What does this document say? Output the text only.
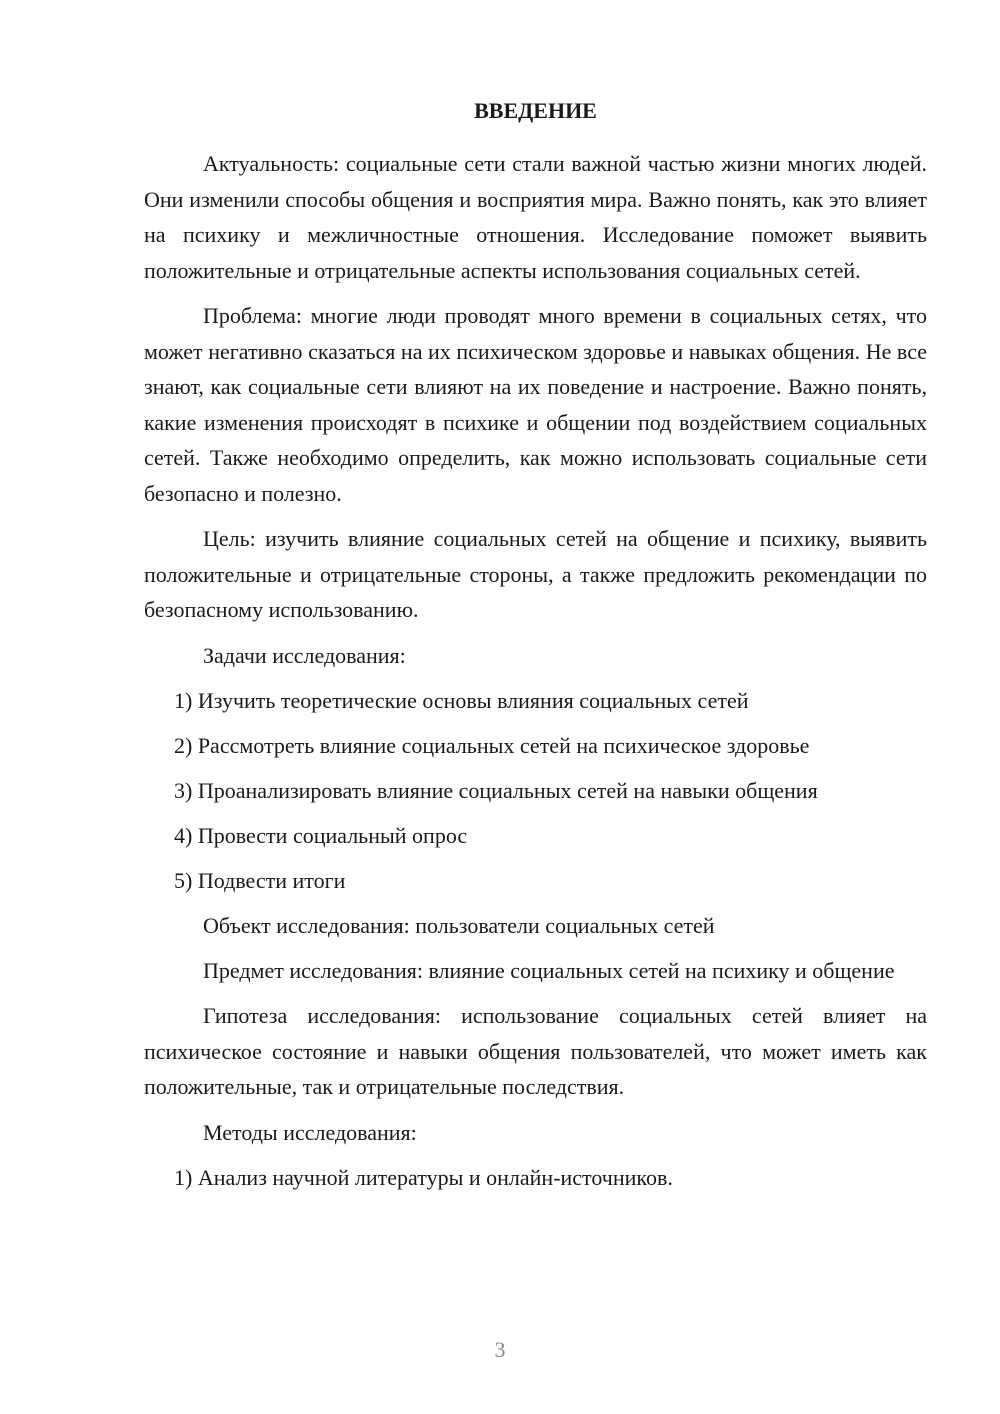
ВВЕДЕНИЕ

Актуальность: социальные сети стали важной частью жизни многих людей. Они изменили способы общения и восприятия мира. Важно понять, как это влияет на психику и межличностные отношения. Исследование поможет выявить положительные и отрицательные аспекты использования социальных сетей.

Проблема: многие люди проводят много времени в социальных сетях, что может негативно сказаться на их психическом здоровье и навыках общения. Не все знают, как социальные сети влияют на их поведение и настроение. Важно понять, какие изменения происходят в психике и общении под воздействием социальных сетей. Также необходимо определить, как можно использовать социальные сети безопасно и полезно.

Цель: изучить влияние социальных сетей на общение и психику, выявить положительные и отрицательные стороны, а также предложить рекомендации по безопасному использованию.

Задачи исследования:

1) Изучить теоретические основы влияния социальных сетей

2) Рассмотреть влияние социальных сетей на психическое здоровье

3) Проанализировать влияние социальных сетей на навыки общения

4) Провести социальный опрос

5) Подвести итоги

Объект исследования: пользователи социальных сетей

Предмет исследования: влияние социальных сетей на психику и общение

Гипотеза исследования: использование социальных сетей влияет на психическое состояние и навыки общения пользователей, что может иметь как положительные, так и отрицательные последствия.

Методы исследования:

1) Анализ научной литературы и онлайн-источников.

3
